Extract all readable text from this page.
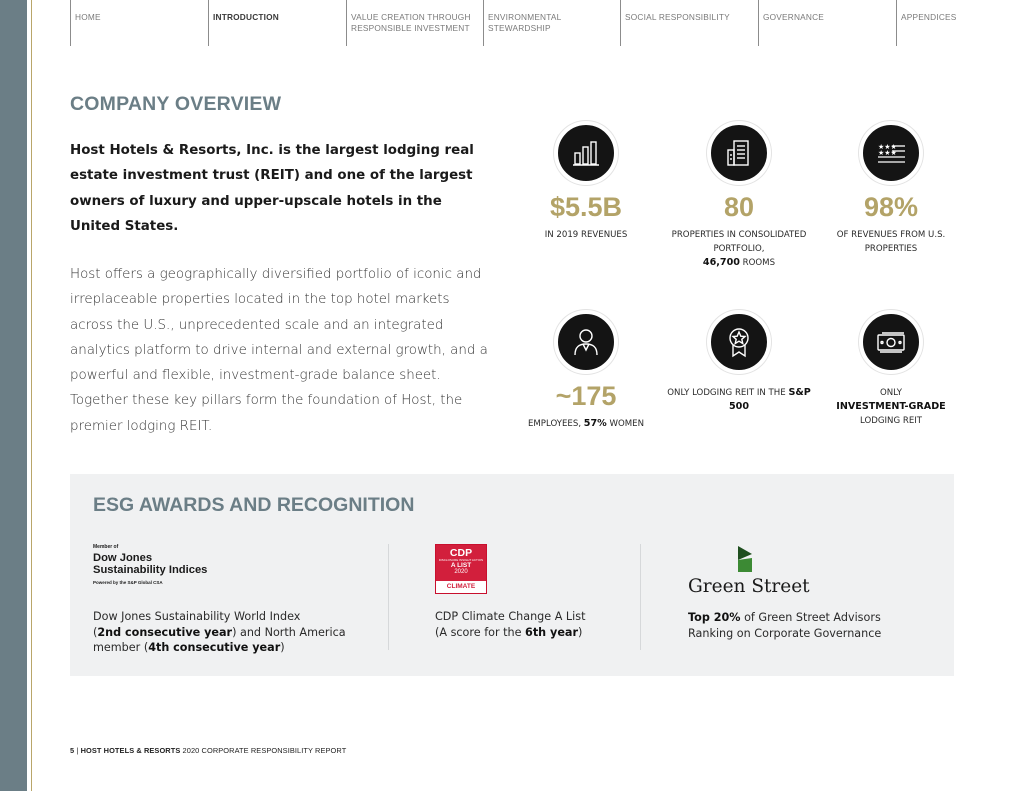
HOME	INTRODUCTION	VALUE CREATION THROUGH RESPONSIBLE INVESTMENT
ENVIRONMENTAL STEWARDSHIP
SOCIAL RESPONSIBILITY	GOVERNANCE	APPENDICES
COMPANY OVERVIEW
Host Hotels & Resorts, Inc. is the largest lodging real estate investment trust (REIT) and one of the largest owners of luxury and upper-upscale hotels in the United States.
Host offers a geographically diversified portfolio of iconic and irreplaceable properties located in the top hotel markets across the U.S., unprecedented scale and an integrated analytics platform to drive internal and external growth, and a powerful and flexible, investment-grade balance sheet. Together these key pillars form the foundation of Host, the premier lodging REIT.
$5.5B
IN 2019 REVENUES
80
PROPERTIES IN CONSOLIDATED PORTFOLIO,
46,700 ROOMS
★★★
★★★
98%
OF REVENUES FROM U.S. PROPERTIES
~175
EMPLOYEES, 57% WOMEN
ONLY LODGING REIT IN THE S&P 500
ONLY
INVESTMENT-GRADE
LODGING REIT
ESG AWARDS AND RECOGNITION
Member of
Dow Jones
Sustainability Indices
Powered by the S&P Global CSA
Dow Jones Sustainability World Index
(2nd consecutive year) and North America
member (4th consecutive year)
CDP
DISCLOSURE INSIGHT ACTION
A LIST
2020
CLIMATE
CDP Climate Change A List
(A score for the 6th year)
Green Street
Top 20% of Green Street Advisors
Ranking on Corporate Governance
5 | HOST HOTELS & RESORTS 2020 CORPORATE RESPONSIBILITY REPORT
